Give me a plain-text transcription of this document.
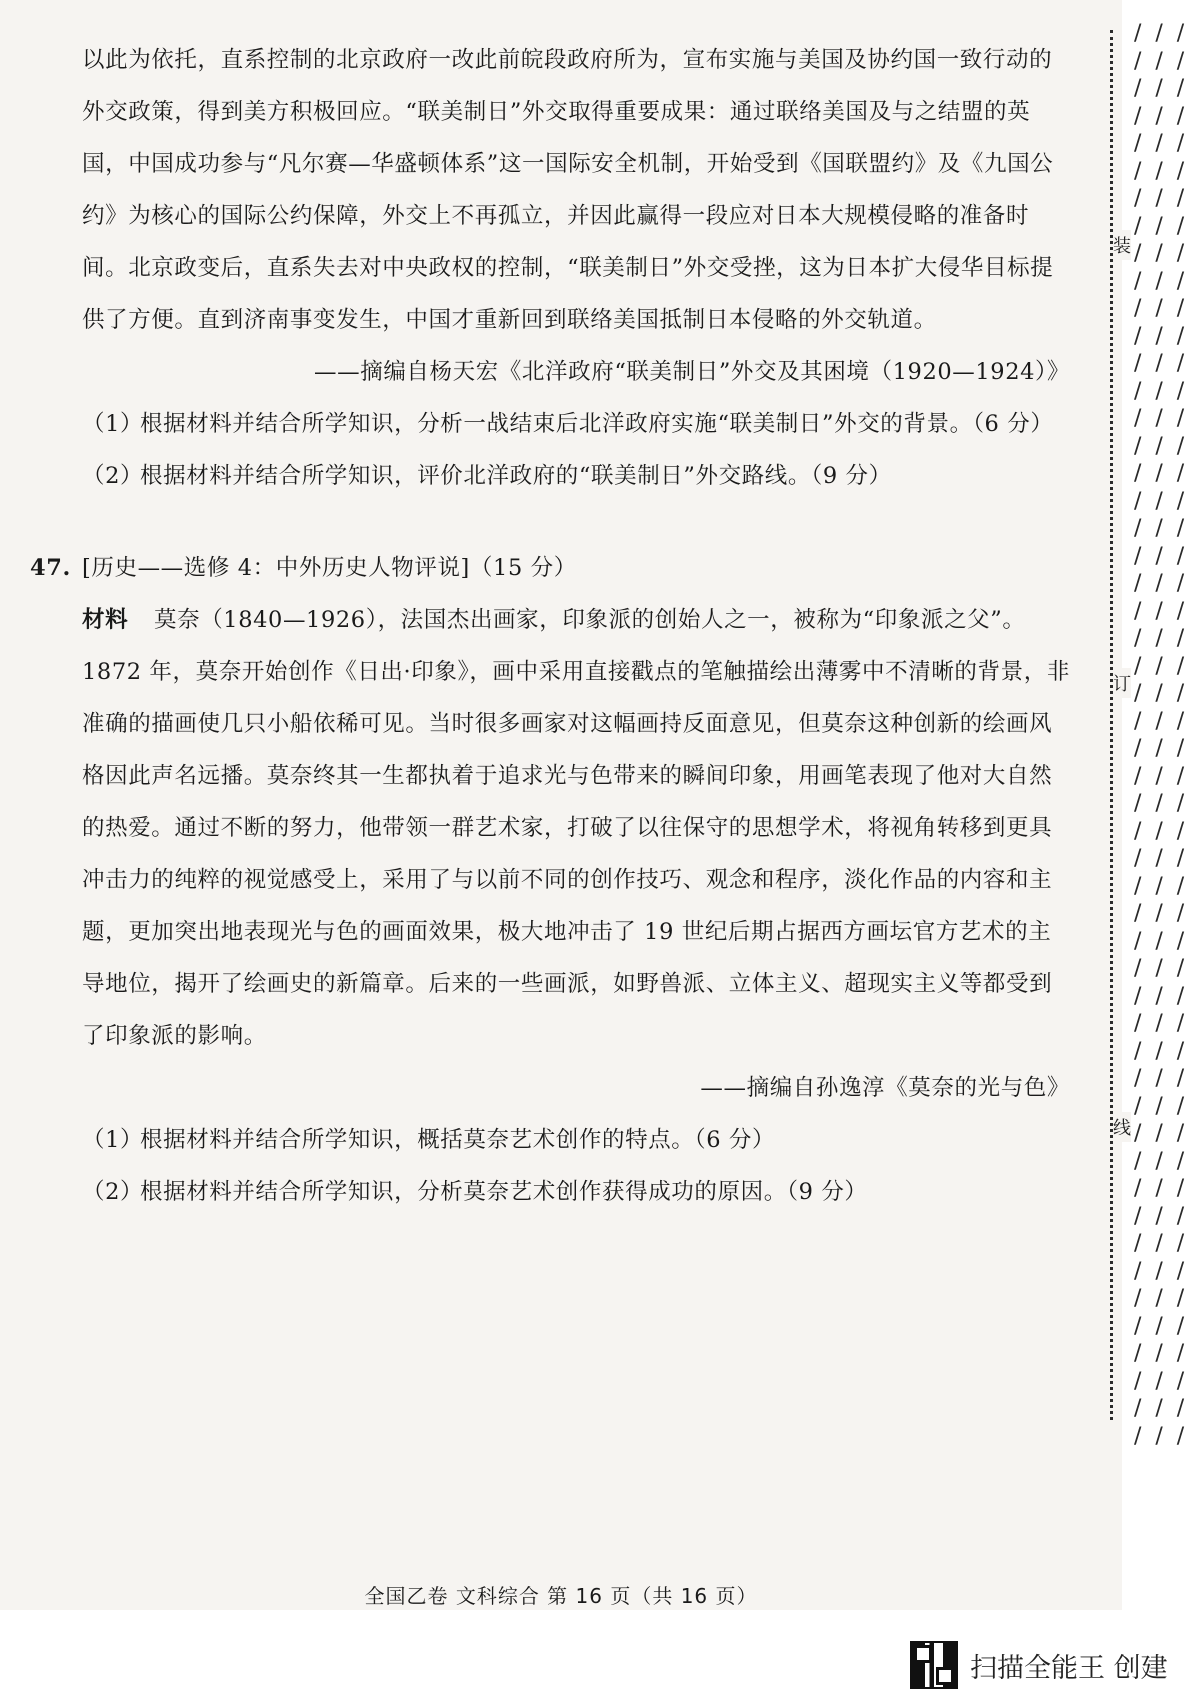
以此为依托，直系控制的北京政府一改此前皖段政府所为，宣布实施与美国及协约国一致行动的外交政策，得到美方积极回应。“联美制日”外交取得重要成果：通过联络美国及与之结盟的英国，中国成功参与“凡尔赛—华盛顿体系”这一国际安全机制，开始受到《国联盟约》及《九国公约》为核心的国际公约保障，外交上不再孤立，并因此赢得一段应对日本大规模侵略的准备时间。北京政变后，直系失去对中央政权的控制，“联美制日”外交受挫，这为日本扩大侵华目标提供了方便。直到济南事变发生，中国才重新回到联络美国抵制日本侵略的外交轨道。

——摘编自杨天宏《北洋政府“联美制日”外交及其困境（1920—1924）》

（1）根据材料并结合所学知识，分析一战结束后北洋政府实施“联美制日”外交的背景。（6 分）

（2）根据材料并结合所学知识，评价北洋政府的“联美制日”外交路线。（9 分）

47. [历史——选修 4：中外历史人物评说]（15 分）

材料 莫奈（1840—1926），法国杰出画家，印象派的创始人之一，被称为“印象派之父”。1872 年，莫奈开始创作《日出·印象》，画中采用直接戳点的笔触描绘出薄雾中不清晰的背景，非准确的描画使几只小船依稀可见。当时很多画家对这幅画持反面意见，但莫奈这种创新的绘画风格因此声名远播。莫奈终其一生都执着于追求光与色带来的瞬间印象，用画笔表现了他对大自然的热爱。通过不断的努力，他带领一群艺术家，打破了以往保守的思想学术，将视角转移到更具冲击力的纯粹的视觉感受上，采用了与以前不同的创作技巧、观念和程序，淡化作品的内容和主题，更加突出地表现光与色的画面效果，极大地冲击了 19 世纪后期占据西方画坛官方艺术的主导地位，揭开了绘画史的新篇章。后来的一些画派，如野兽派、立体主义、超现实主义等都受到了印象派的影响。

——摘编自孙逸淳《莫奈的光与色》

（1）根据材料并结合所学知识，概括莫奈艺术创作的特点。（6 分）

（2）根据材料并结合所学知识，分析莫奈艺术创作获得成功的原因。（9 分）

装
订
线
/  /  /
/  /  /
/  /  /
/  /  /
/  /  /
/  /  /
/  /  /
/  /  /
/  /  /
/  /  /
/  /  /
/  /  /
/  /  /
/  /  /
/  /  /
/  /  /
/  /  /
/  /  /
/  /  /
/  /  /
/  /  /
/  /  /
/  /  /
/  /  /
/  /  /
/  /  /
/  /  /
/  /  /
/  /  /
/  /  /
/  /  /
/  /  /
/  /  /
/  /  /
/  /  /
/  /  /
/  /  /
/  /  /
/  /  /
/  /  /
/  /  /
/  /  /
/  /  /
/  /  /
/  /  /
/  /  /
/  /  /
/  /  /
/  /  /
/  /  /
/  /  /
/  /  /

全国乙卷 文科综合 第 16 页（共 16 页）
扫描全能王 创建
